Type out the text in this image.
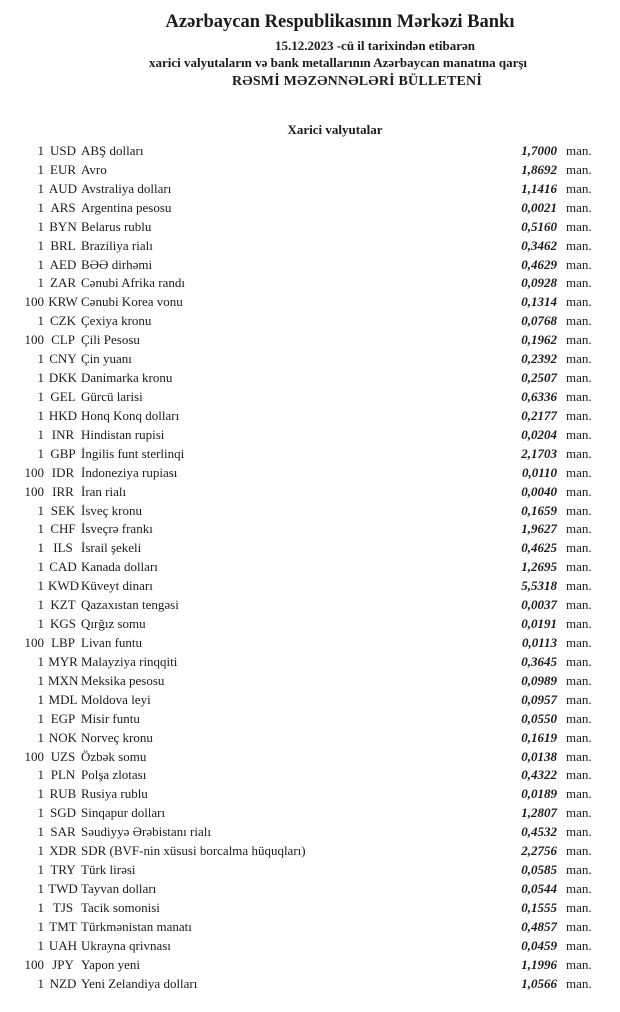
Azərbaycan Respublikasının Mərkəzi Bankı
15.12.2023 -cü il tarixindən etibarən
xarici valyutaların və bank metallarının Azərbaycan manatına qarşı
RƏSMİ MƏZƏNNƏLƏRİ BÜLLETENİ
Xarici valyutalar
1 USD ABŞ dolları	1,7000 man.
1 EUR Avro	1,8692 man.
1 AUD Avstraliya dolları	1,1416 man.
1 ARS Argentina pesosu	0,0021 man.
1 BYN Belarus rublu	0,5160 man.
1 BRL Braziliya rialı	0,3462 man.
1 AED BƏƏ dirhəmi	0,4629 man.
1 ZAR Cənubi Afrika randı	0,0928 man.
100 KRW Cənubi Korea vonu	0,1314 man.
1 CZK Çexiya kronu	0,0768 man.
100 CLP Çili Pesosu	0,1962 man.
1 CNY Çin yuanı	0,2392 man.
1 DKK Danimarka kronu	0,2507 man.
1 GEL Gürcü larisi	0,6336 man.
1 HKD Honq Konq dolları	0,2177 man.
1 INR Hindistan rupisi	0,0204 man.
1 GBP İngilis funt sterlinqi	2,1703 man.
100 IDR İndoneziya rupiası	0,0110 man.
100 IRR İran rialı	0,0040 man.
1 SEK İsveç kronu	0,1659 man.
1 CHF İsveçrə frankı	1,9627 man.
1 ILS İsrail şekeli	0,4625 man.
1 CAD Kanada dolları	1,2695 man.
1 KWD Küveyt dinarı	5,5318 man.
1 KZT Qazaxıstan tengəsi	0,0037 man.
1 KGS Qırğız somu	0,0191 man.
100 LBP Livan funtu	0,0113 man.
1 MYR Malayziya rinqqiti	0,3645 man.
1 MXN Meksika pesosu	0,0989 man.
1 MDL Moldova leyi	0,0957 man.
1 EGP Misir funtu	0,0550 man.
1 NOK Norveç kronu	0,1619 man.
100 UZS Özbək somu	0,0138 man.
1 PLN Polşa zlotası	0,4322 man.
1 RUB Rusiya rublu	0,0189 man.
1 SGD Sinqapur dolları	1,2807 man.
1 SAR Səudiyyə Ərəbistanı rialı	0,4532 man.
1 XDR SDR (BVF-nin xüsusi borcalma hüquqları)	2,2756 man.
1 TRY Türk lirəsi	0,0585 man.
1 TWD Tayvan dolları	0,0544 man.
1 TJS Tacik somonisi	0,1555 man.
1 TMT Türkmənistan manatı	0,4857 man.
1 UAH Ukrayna qrivnası	0,0459 man.
100 JPY Yapon yeni	1,1996 man.
1 NZD Yeni Zelandiya dolları	1,0566 man.
